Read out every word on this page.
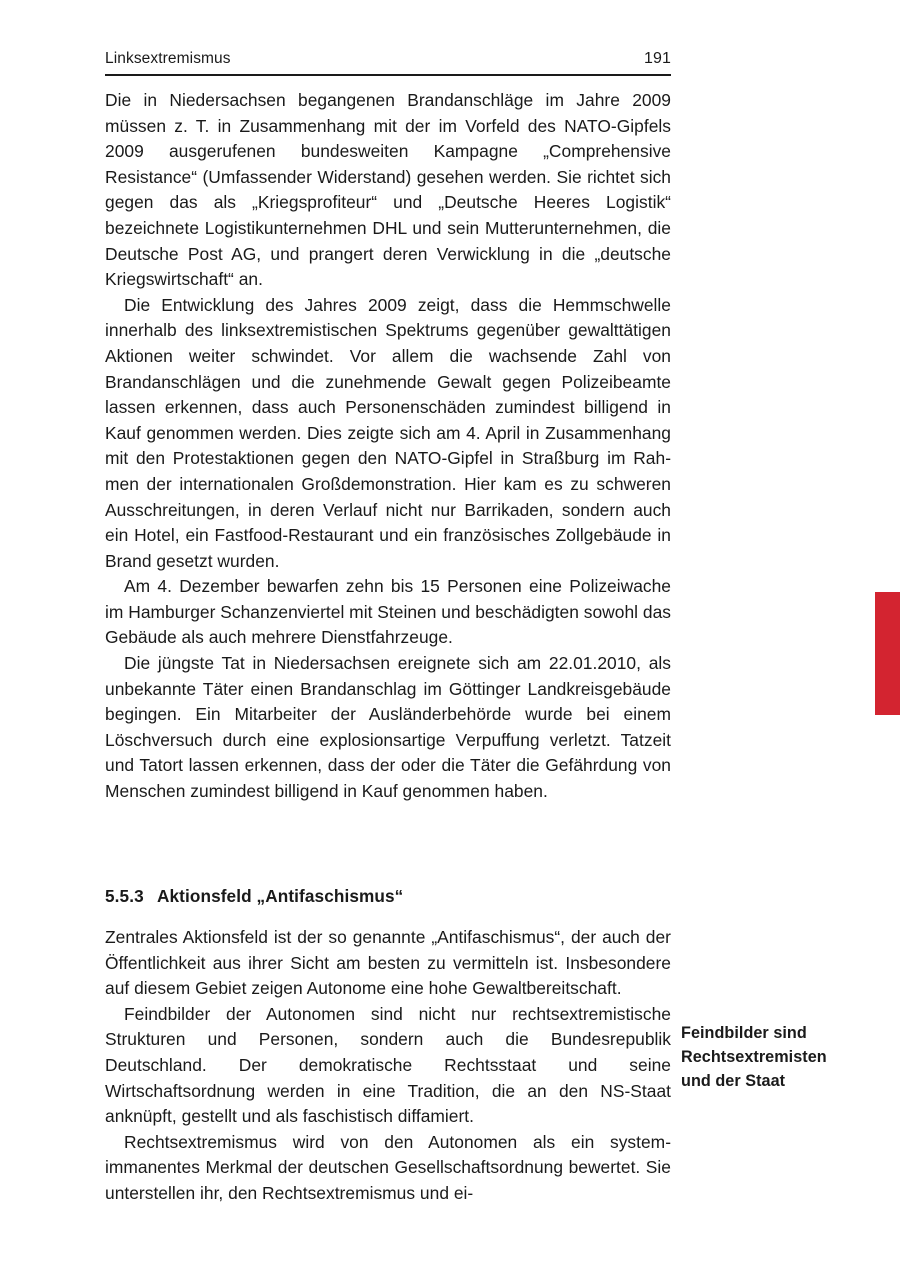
Linksextremismus	191

Die in Niedersachsen begangenen Brandanschläge im Jahre 2009 müssen z. T. in Zusammenhang mit der im Vorfeld des NATO-Gipfels 2009 ausgerufenen bundesweiten Kampagne „Comprehensive Resistance“ (Umfassender Widerstand) gesehen werden. Sie richtet sich gegen das als „Kriegsprofiteur“ und „Deutsche Heeres Logistik“ bezeichnete Logistikunternehmen DHL und sein Mutterunternehmen, die Deutsche Post AG, und prangert deren Verwicklung in die „deutsche Kriegswirtschaft“ an.

Die Entwicklung des Jahres 2009 zeigt, dass die Hemmschwelle innerhalb des linksextremistischen Spektrums gegenüber gewalttätigen Aktionen weiter schwindet. Vor allem die wachsende Zahl von Brandanschlägen und die zunehmende Gewalt gegen Polizeibeamte lassen erkennen, dass auch Personenschäden zumindest billigend in Kauf genommen werden. Dies zeigte sich am 4. April in Zusammenhang mit den Protestaktionen gegen den NATO-Gipfel in Straßburg im Rahmen der internationalen Großdemonstration. Hier kam es zu schweren Ausschreitungen, in deren Verlauf nicht nur Barrikaden, sondern auch ein Hotel, ein Fastfood-Restaurant und ein französisches Zollgebäude in Brand gesetzt wurden.

Am 4. Dezember bewarfen zehn bis 15 Personen eine Polizeiwache im Hamburger Schanzenviertel mit Steinen und beschädigten sowohl das Gebäude als auch mehrere Dienstfahrzeuge.

Die jüngste Tat in Niedersachsen ereignete sich am 22.01.2010, als unbekannte Täter einen Brandanschlag im Göttinger Landkreisgebäude begingen. Ein Mitarbeiter der Ausländerbehörde wurde bei einem Löschversuch durch eine explosionsartige Verpuffung verletzt. Tatzeit und Tatort lassen erkennen, dass der oder die Täter die Gefährdung von Menschen zumindest billigend in Kauf genommen haben.

5.5.3 Aktionsfeld „Antifaschismus“

Zentrales Aktionsfeld ist der so genannte „Antifaschismus“, der auch der Öffentlichkeit aus ihrer Sicht am besten zu vermitteln ist. Insbesondere auf diesem Gebiet zeigen Autonome eine hohe Gewaltbereitschaft.

Feindbilder der Autonomen sind nicht nur rechtsextremistische Strukturen und Personen, sondern auch die Bundesrepublik Deutschland. Der demokratische Rechtsstaat und seine Wirtschaftsordnung werden in eine Tradition, die an den NS-Staat anknüpft, gestellt und als faschistisch diffamiert.

Rechtsextremismus wird von den Autonomen als ein systemimmanentes Merkmal der deutschen Gesellschaftsordnung bewertet. Sie unterstellen ihr, den Rechtsextremismus und ei-

Feindbilder sind
Rechtsextremisten
und der Staat
